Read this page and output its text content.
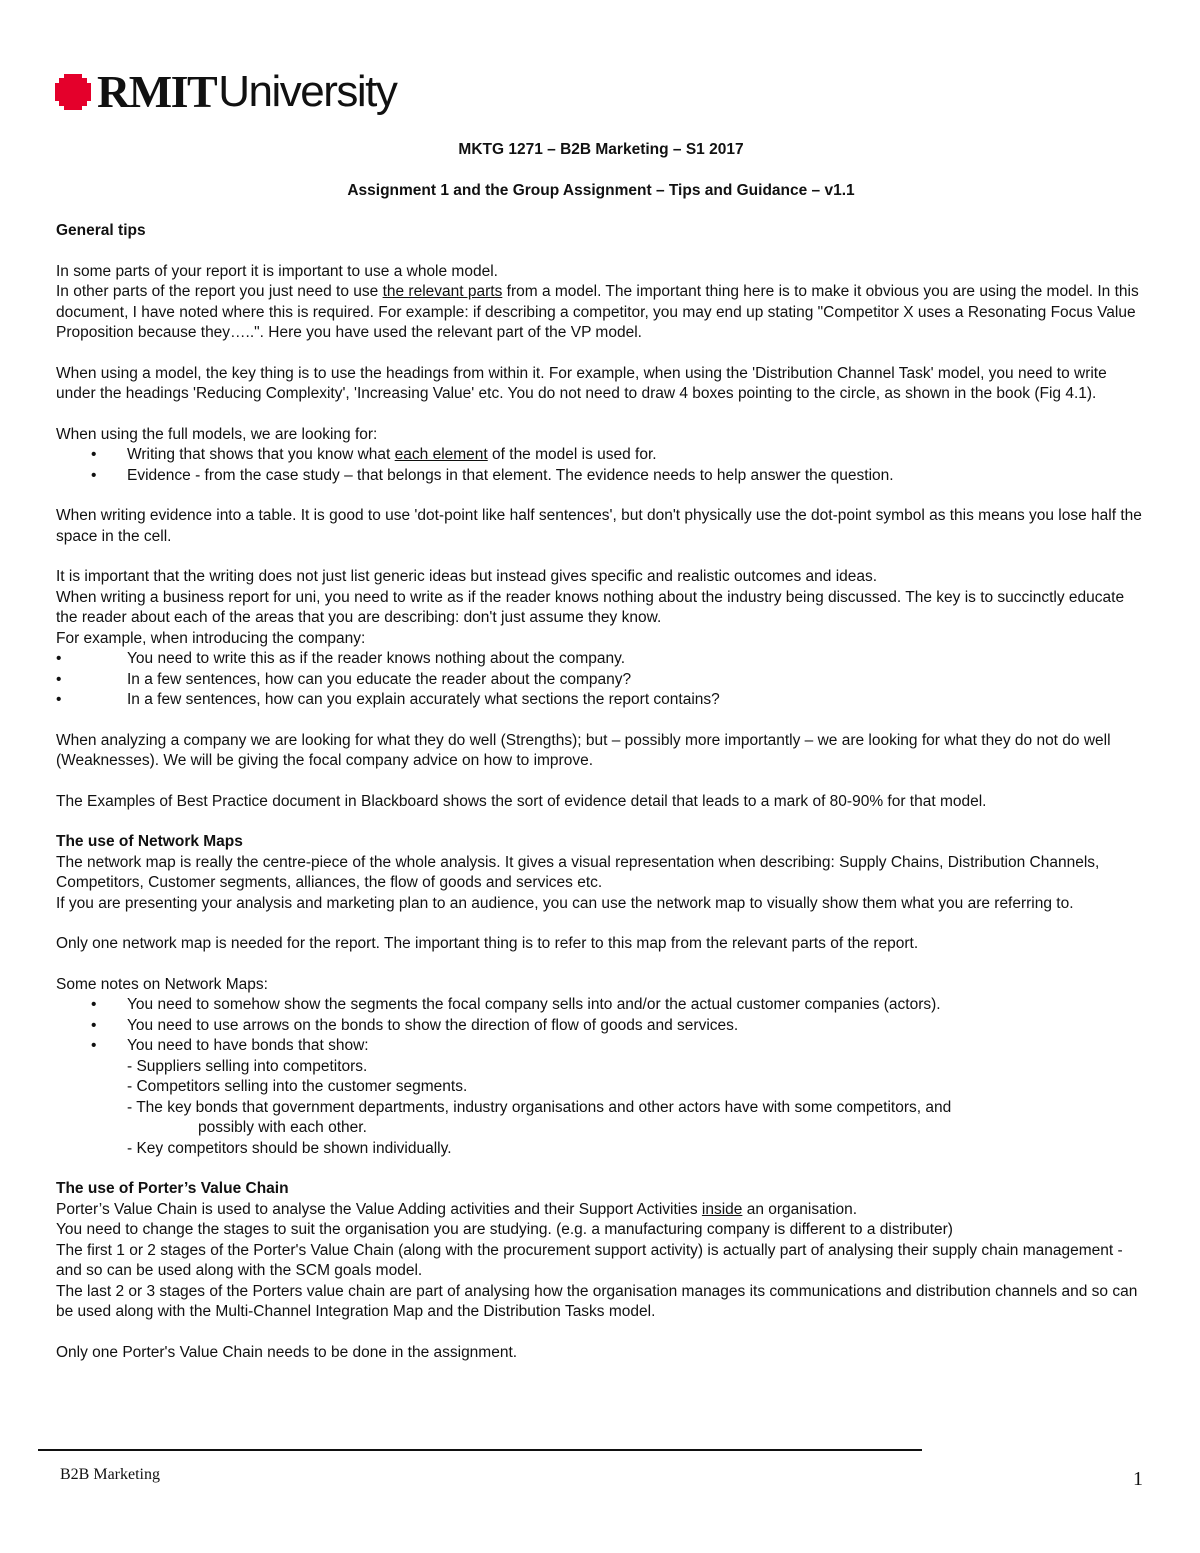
RMIT University

MKTG 1271 – B2B Marketing – S1 2017

Assignment 1 and the Group Assignment – Tips and Guidance – v1.1

General tips

In some parts of your report it is important to use a whole model.

In other parts of the report you just need to use the relevant parts from a model. The important thing here is to make it obvious you are using the model. In this document, I have noted where this is required. For example: if describing a competitor, you may end up stating "Competitor X uses a Resonating Focus Value Proposition because they…..". Here you have used the relevant part of the VP model.

When using a model, the key thing is to use the headings from within it. For example, when using the 'Distribution Channel Task' model, you need to write under the headings 'Reducing Complexity', 'Increasing Value' etc. You do not need to draw 4 boxes pointing to the circle, as shown in the book (Fig 4.1).

When using the full models, we are looking for:

• Writing that shows that you know what each element of the model is used for.
• Evidence - from the case study – that belongs in that element. The evidence needs to help answer the question.

When writing evidence into a table. It is good to use 'dot-point like half sentences', but don't physically use the dot-point symbol as this means you lose half the space in the cell.

It is important that the writing does not just list generic ideas but instead gives specific and realistic outcomes and ideas.

When writing a business report for uni, you need to write as if the reader knows nothing about the industry being discussed. The key is to succinctly educate the reader about each of the areas that you are describing: don't just assume they know.

For example, when introducing the company:

•	You need to write this as if the reader knows nothing about the company.
•	In a few sentences, how can you educate the reader about the company?
•	In a few sentences, how can you explain accurately what sections the report contains?

When analyzing a company we are looking for what they do well (Strengths); but – possibly more importantly – we are looking for what they do not do well (Weaknesses). We will be giving the focal company advice on how to improve.

The Examples of Best Practice document in Blackboard shows the sort of evidence detail that leads to a mark of 80-90% for that model.

The use of Network Maps

The network map is really the centre-piece of the whole analysis. It gives a visual representation when describing: Supply Chains, Distribution Channels, Competitors, Customer segments, alliances, the flow of goods and services etc.

If you are presenting your analysis and marketing plan to an audience, you can use the network map to visually show them what you are referring to.

Only one network map is needed for the report. The important thing is to refer to this map from the relevant parts of the report.

Some notes on Network Maps:

• You need to somehow show the segments the focal company sells into and/or the actual customer companies (actors).
• You need to use arrows on the bonds to show the direction of flow of goods and services.
• You need to have bonds that show:

- Suppliers selling into competitors.

- Competitors selling into the customer segments.

- The key bonds that government departments, industry organisations and other actors have with some competitors, and

possibly with each other.

- Key competitors should be shown individually.

The use of Porter’s Value Chain

Porter’s Value Chain is used to analyse the Value Adding activities and their Support Activities inside an organisation.

You need to change the stages to suit the organisation you are studying. (e.g. a manufacturing company is different to a distributer)

The first 1 or 2 stages of the Porter's Value Chain (along with the procurement support activity) is actually part of analysing their supply chain management - and so can be used along with the SCM goals model.

The last 2 or 3 stages of the Porters value chain are part of analysing how the organisation manages its communications and distribution channels and so can be used along with the Multi-Channel Integration Map and the Distribution Tasks model.

Only one Porter's Value Chain needs to be done in the assignment.

B2B Marketing	1
